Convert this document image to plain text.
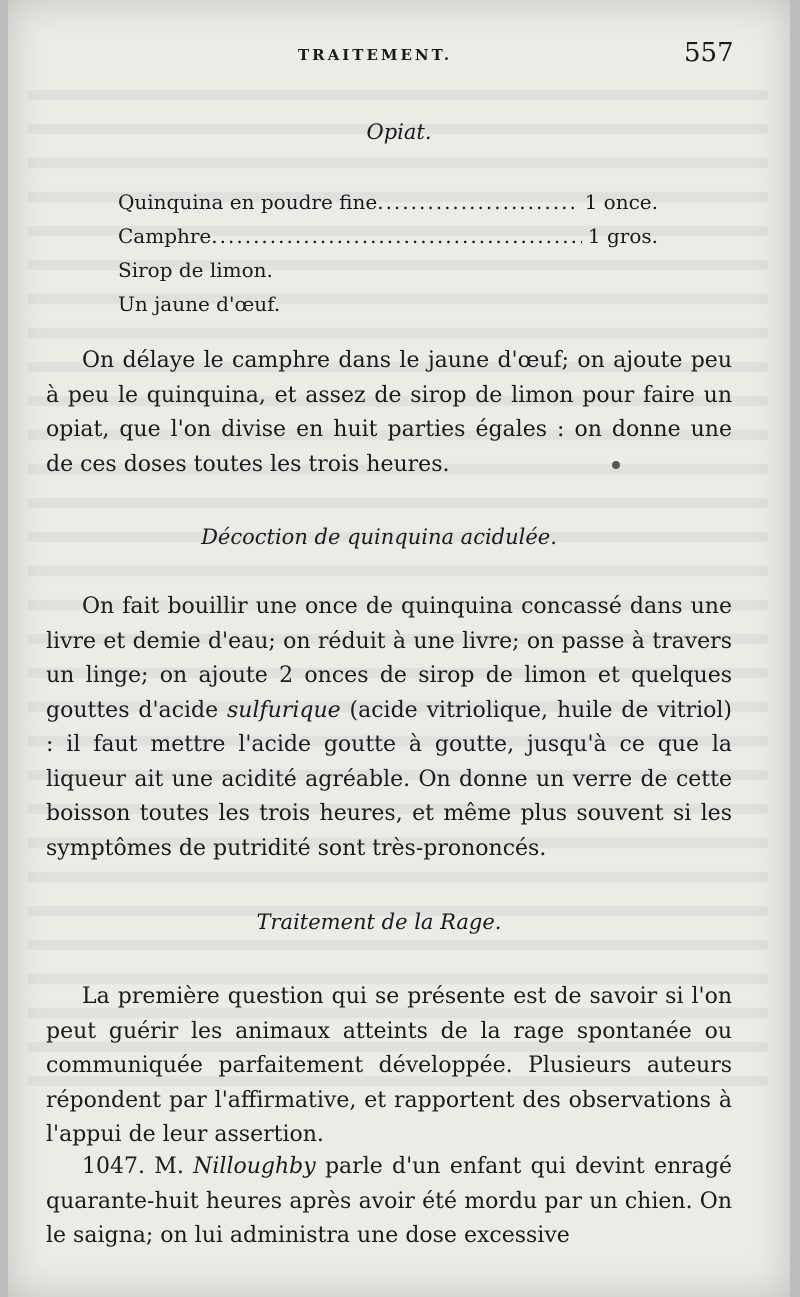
TRAITEMENT.	557
Opiat.
Quinquina en poudre fine .....	1 once.
Camphre .....	1 gros.
Sirop de limon.
Un jaune d'œuf.
On délaye le camphre dans le jaune d'œuf; on ajoute peu à peu le quinquina, et assez de sirop de limon pour faire un opiat, que l'on divise en huit parties égales : on donne une de ces doses toutes les trois heures.
Décoction de quinquina acidulée.
On fait bouillir une once de quinquina concassé dans une livre et demie d'eau; on réduit à une livre; on passe à travers un linge; on ajoute 2 onces de sirop de limon et quelques gouttes d'acide sulfurique (acide vitriolique, huile de vitriol) : il faut mettre l'acide goutte à goutte, jusqu'à ce que la liqueur ait une acidité agréable. On donne un verre de cette boisson toutes les trois heures, et même plus souvent si les symptômes de putridité sont très-prononcés.
Traitement de la Rage.
La première question qui se présente est de savoir si l'on peut guérir les animaux atteints de la rage spontanée ou communiquée parfaitement développée. Plusieurs auteurs répondent par l'affirmative, et rapportent des observations à l'appui de leur assertion.
1047. M. Nilloughby parle d'un enfant qui devint enragé quarante-huit heures après avoir été mordu par un chien. On le saigna; on lui administra une dose excessive
